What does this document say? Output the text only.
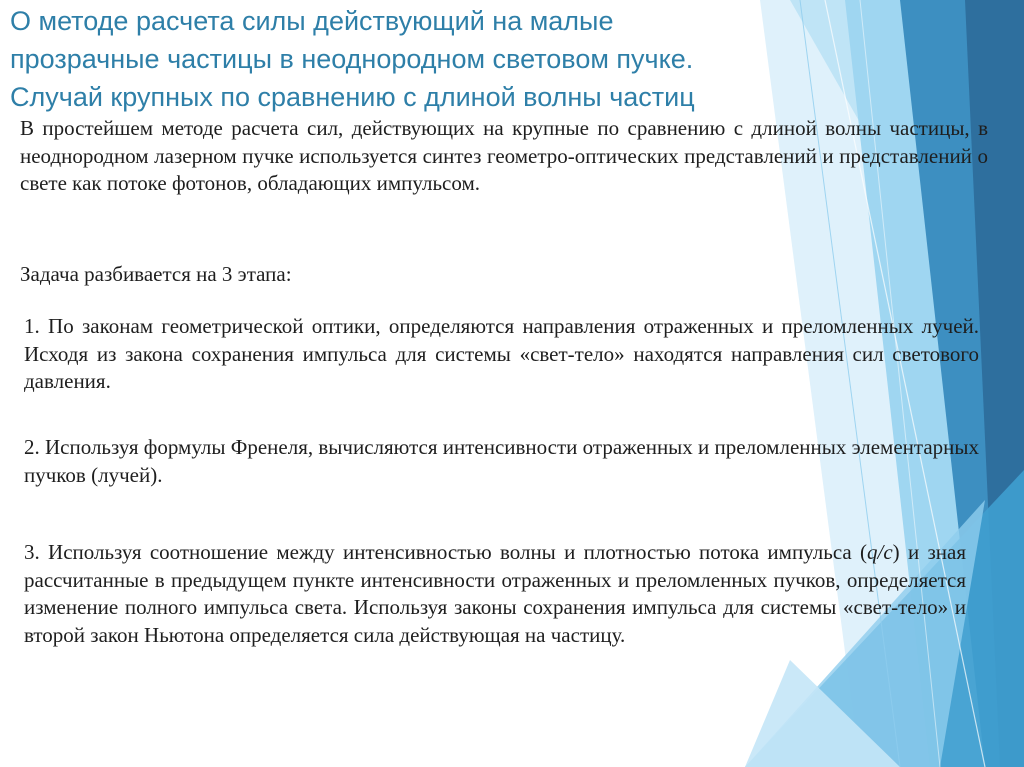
О методе расчета силы действующий на малые
прозрачные частицы в неоднородном световом пучке.
Случай крупных по сравнению с длиной волны частиц

В простейшем методе расчета сил, действующих на крупные по сравнению с длиной волны частицы, в неоднородном лазерном пучке используется синтез геометро-оптических представлений и представлений о свете как потоке фотонов, обладающих импульсом.

Задача разбивается на 3 этапа:

1. По законам геометрической оптики, определяются направления отраженных и преломленных лучей. Исходя из закона сохранения импульса для системы «свет-тело» находятся направления сил светового давления.

2. Используя формулы Френеля, вычисляются интенсивности отраженных и преломленных элементарных пучков (лучей).

3. Используя соотношение между интенсивностью волны и плотностью потока импульса (q/c) и зная рассчитанные в предыдущем пункте интенсивности отраженных и преломленных пучков, определяется изменение полного импульса света. Используя законы сохранения импульса для системы «свет-тело» и второй закон Ньютона определяется сила действующая на частицу.
